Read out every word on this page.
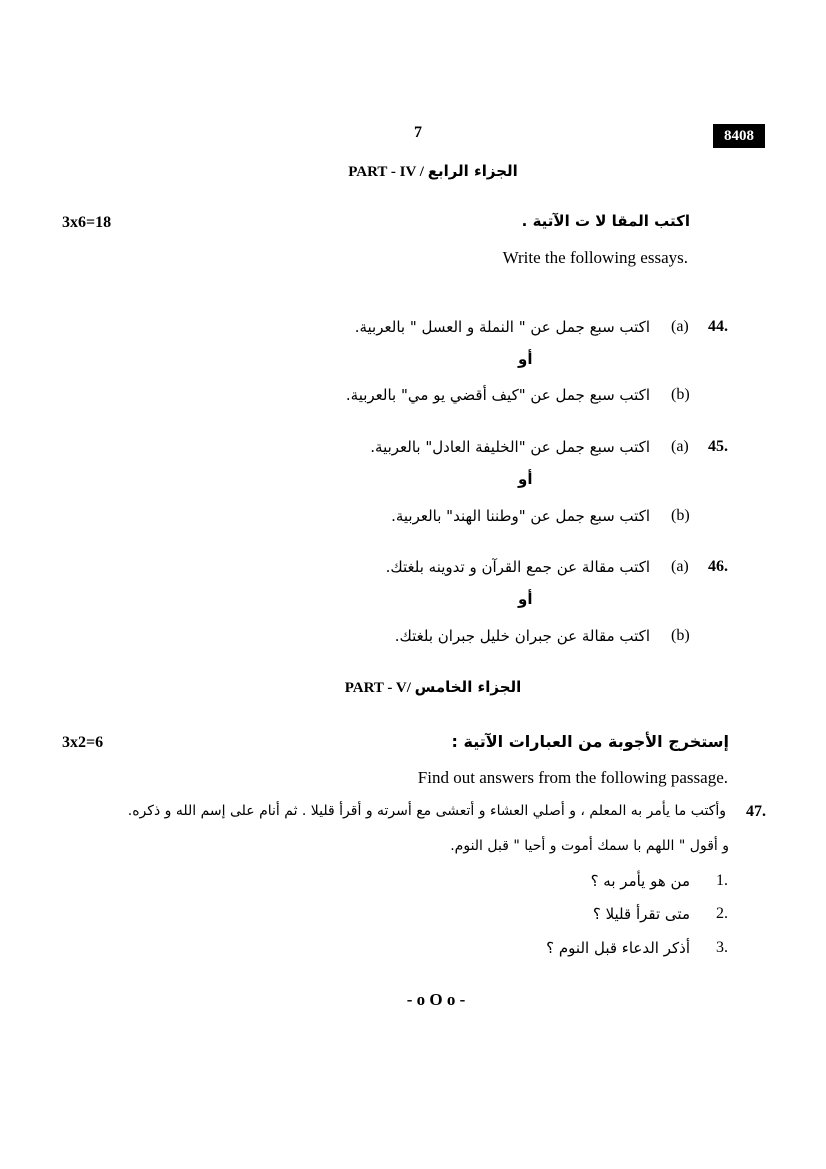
7	8408
PART - IV / الجزاء الرابع
3x6=18	اكتب المقا لا ت الآتية .
Write the following essays.
44.
(a)
اكتب سبع جمل عن " النملة و العسل " بالعربية.
أو
(b)
اكتب سبع جمل عن "كيف أقضي يو مي" بالعربية.
45.
(a)
اكتب سبع جمل عن "الخليفة العادل" بالعربية.
أو
(b)
اكتب سبع جمل عن "وطننا الهند" بالعربية.
46.
(a)
اكتب مقالة عن جمع القرآن و تدوينه بلغتك.
أو
(b)
اكتب مقالة عن جبران خليل جبران بلغتك.
PART - V/ الجزاء الخامس
3x2=6	إستخرج الأجوبة من العبارات الآتية :
Find out answers from the following passage.
47.
وأكتب ما يأمر به المعلم ، و أصلي العشاء و أتعشى مع أسرته و أقرأ قليلا . ثم أنام على إسم الله و ذكره.
و أقول " اللهم با سمك أموت و أحيا " قبل النوم.
1.
من هو يأمر به ؟
2.
متى تقرأ قليلا ؟
3.
أذكر الدعاء قبل النوم ؟
- o O o -
